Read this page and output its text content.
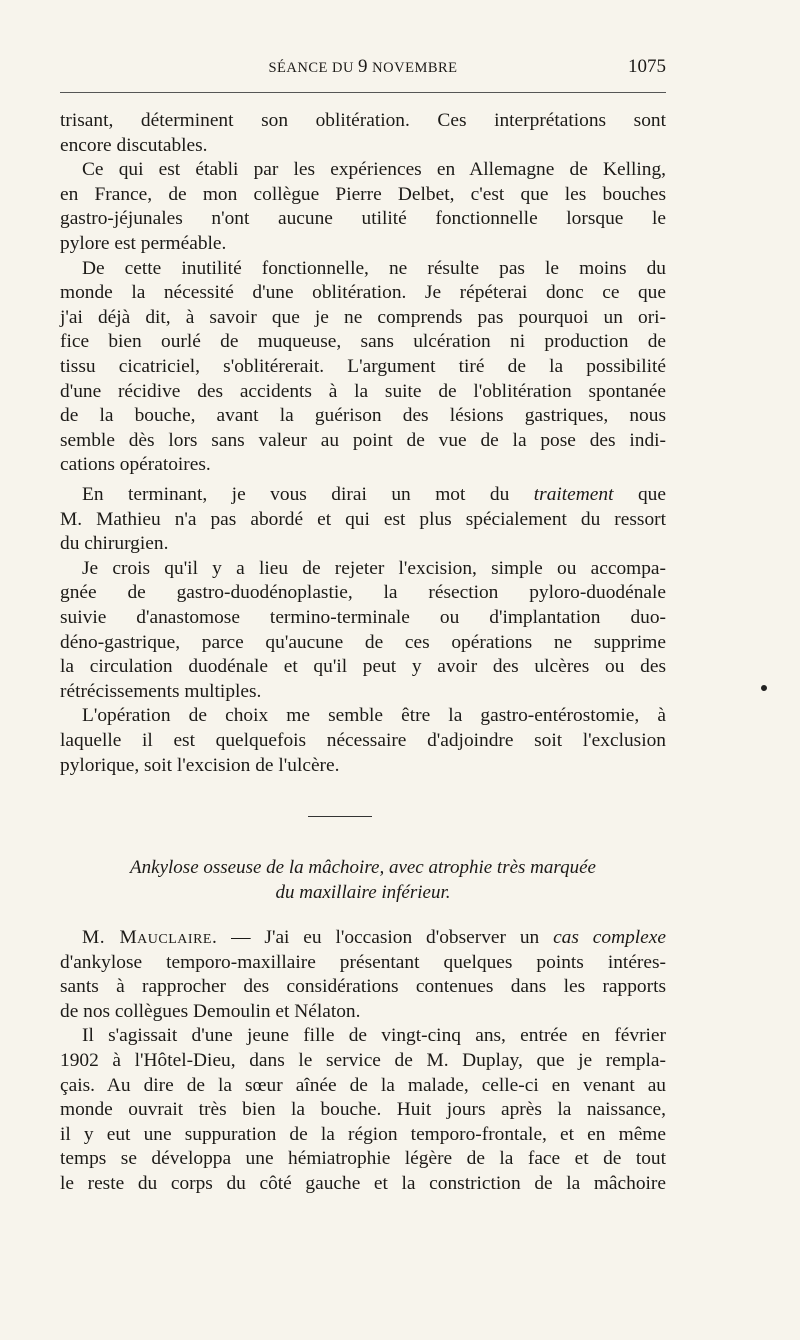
SÉANCE DU 9 NOVEMBRE	1075
trisant, déterminent son oblitération. Ces interprétations sont
encore discutables.
Ce qui est établi par les expériences en Allemagne de Kelling,
en France, de mon collègue Pierre Delbet, c'est que les bouches
gastro-jéjunales n'ont aucune utilité fonctionnelle lorsque le
pylore est perméable.
De cette inutilité fonctionnelle, ne résulte pas le moins du
monde la nécessité d'une oblitération. Je répéterai donc ce que
j'ai déjà dit, à savoir que je ne comprends pas pourquoi un ori-
fice bien ourlé de muqueuse, sans ulcération ni production de
tissu cicatriciel, s'oblitérerait. L'argument tiré de la possibilité
d'une récidive des accidents à la suite de l'oblitération spontanée
de la bouche, avant la guérison des lésions gastriques, nous
semble dès lors sans valeur au point de vue de la pose des indi-
cations opératoires.
En terminant, je vous dirai un mot du traitement que
M. Mathieu n'a pas abordé et qui est plus spécialement du ressort
du chirurgien.
Je crois qu'il y a lieu de rejeter l'excision, simple ou accompa-
gnée de gastro-duodénoplastie, la résection pyloro-duodénale
suivie d'anastomose termino-terminale ou d'implantation duo-
déno-gastrique, parce qu'aucune de ces opérations ne supprime
la circulation duodénale et qu'il peut y avoir des ulcères ou des
rétrécissements multiples.
L'opération de choix me semble être la gastro-entérostomie, à
laquelle il est quelquefois nécessaire d'adjoindre soit l'exclusion
pylorique, soit l'excision de l'ulcère.
Ankylose osseuse de la mâchoire, avec atrophie très marquée
du maxillaire inférieur.
M. Mauclaire. — J'ai eu l'occasion d'observer un cas complexe
d'ankylose temporo-maxillaire présentant quelques points intéres-
sants à rapprocher des considérations contenues dans les rapports
de nos collègues Demoulin et Nélaton.
Il s'agissait d'une jeune fille de vingt-cinq ans, entrée en février
1902 à l'Hôtel-Dieu, dans le service de M. Duplay, que je rempla-
çais. Au dire de la sœur aînée de la malade, celle-ci en venant au
monde ouvrait très bien la bouche. Huit jours après la naissance,
il y eut une suppuration de la région temporo-frontale, et en même
temps se développa une hémiatrophie légère de la face et de tout
le reste du corps du côté gauche et la constriction de la mâchoire
